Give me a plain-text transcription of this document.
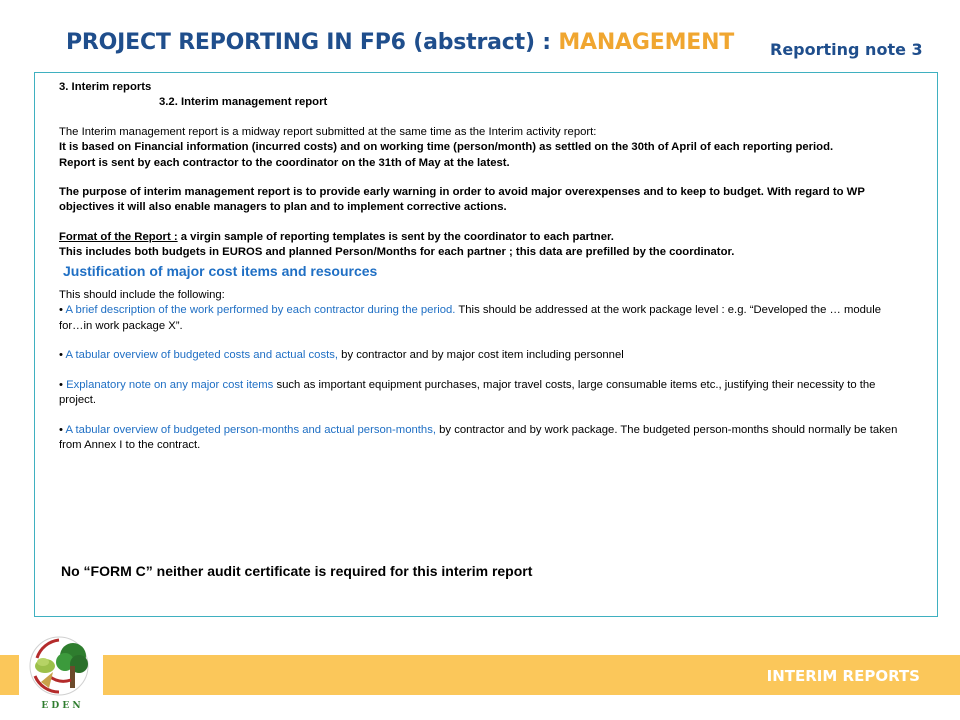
PROJECT REPORTING IN FP6 (abstract) : MANAGEMENT Reporting note 3

3. Interim reports

3.2. Interim management report

The Interim management report is a midway report submitted at the same time as the Interim activity report:

It is based on Financial information (incurred costs) and on working time (person/month) as settled on the 30th of April of each reporting period.

Report is sent by each contractor to the coordinator on the 31th of May at the latest.

The purpose of interim management report is to provide early warning in order to avoid major overexpenses and to keep to budget. With regard to WP objectives it will also enable managers to plan and to implement corrective actions.

Format of the Report : a virgin sample of reporting templates is sent by the coordinator to each partner.

This includes both budgets in EUROS and planned Person/Months for each partner ; this data are prefilled by the coordinator.

Justification of major cost items and resources

This should include the following:

• A brief description of the work performed by each contractor during the period. This should be addressed at the work package level : e.g. “Developed the … module for…in work package X”.

• A tabular overview of budgeted costs and actual costs, by contractor and by major cost item including personnel

• Explanatory note on any major cost items such as important equipment purchases, major travel costs, large consumable items etc., justifying their necessity to the project.

• A tabular overview of budgeted person-months and actual person-months, by contractor and by work package. The budgeted person-months should normally be taken from Annex I to the contract.

No “FORM C” neither audit certificate is required for this interim report
INTERIM REPORTS
E D E N
